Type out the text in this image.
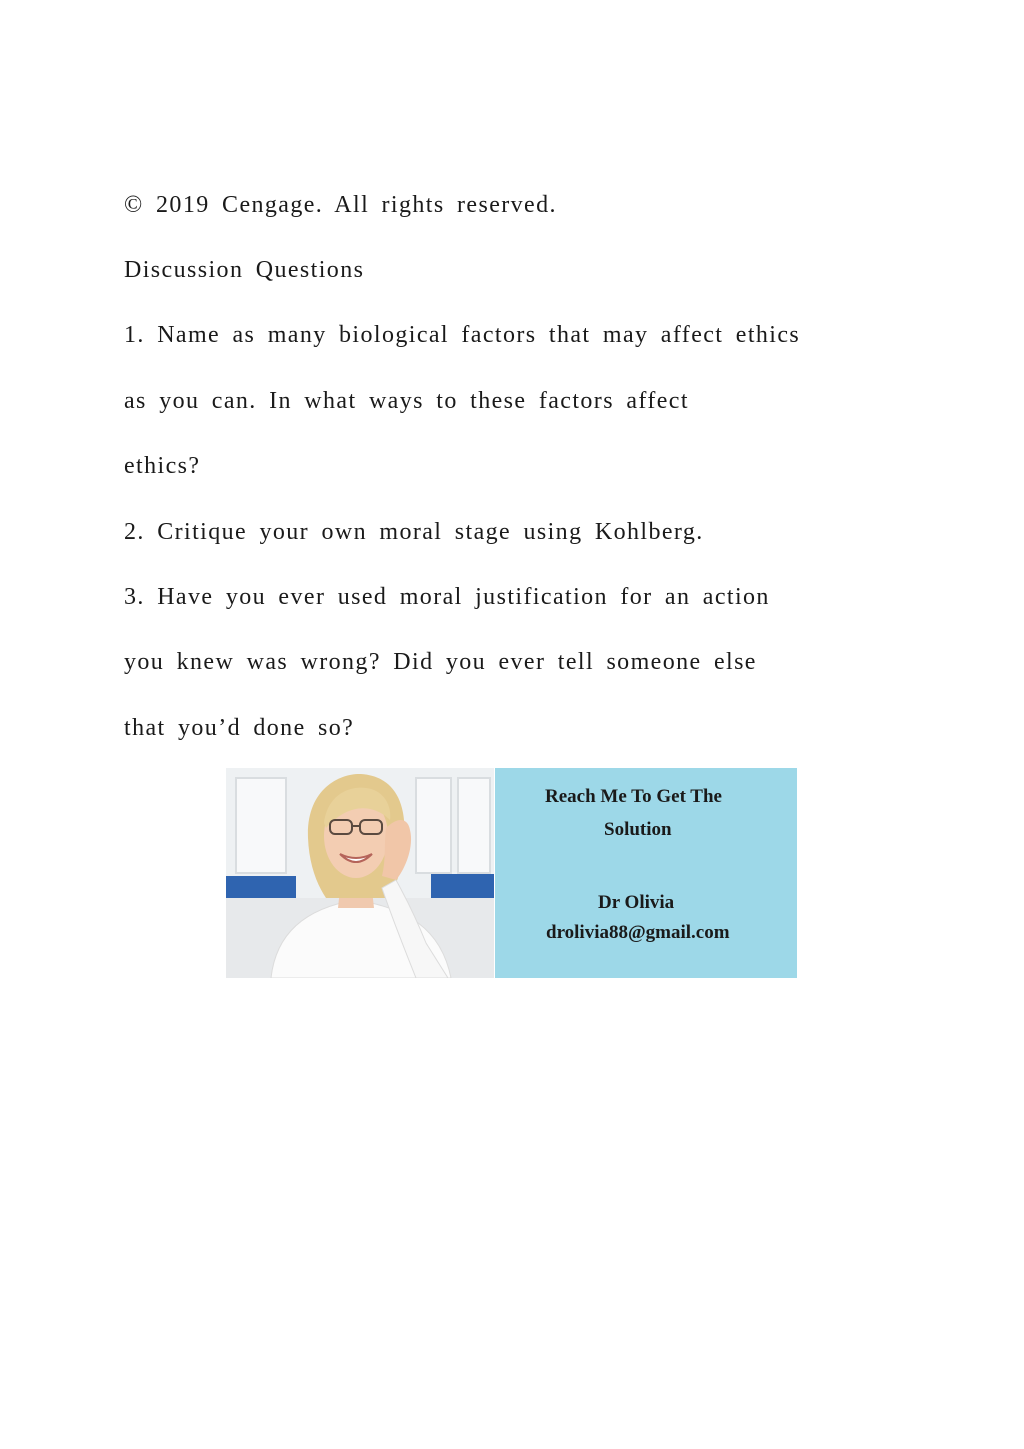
© 2019 Cengage. All rights reserved.
Discussion Questions
1. Name as many biological factors that may affect ethics
as you can. In what ways to these factors affect
ethics?
2. Critique your own moral stage using Kohlberg.
3. Have you ever used moral justification for an action
you knew was wrong? Did you ever tell someone else
that you’d done so?
Reach Me To Get The
Solution
Dr Olivia
drolivia88@gmail.com
